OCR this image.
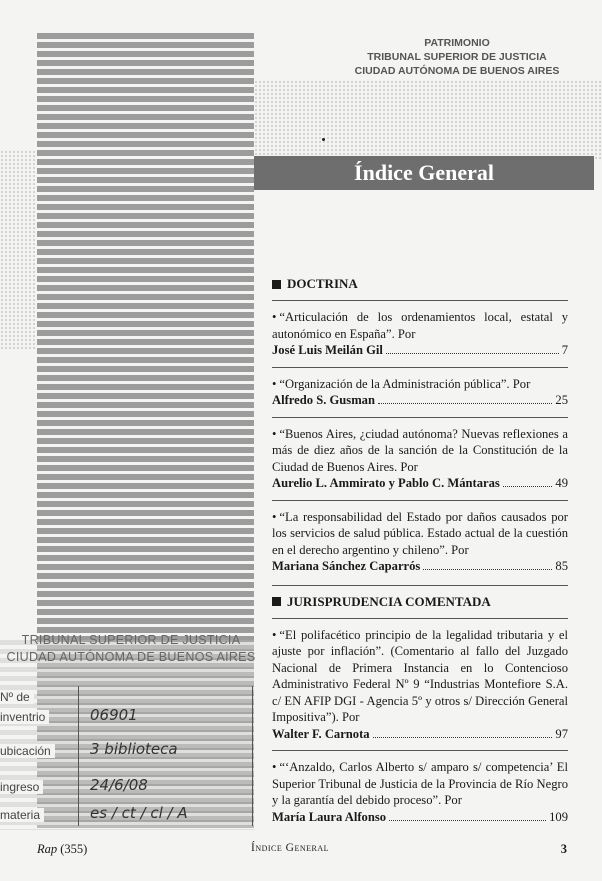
PATRIMONIO
TRIBUNAL SUPERIOR DE JUSTICIA
CIUDAD AUTÓNOMA DE BUENOS AIRES
Índice General
DOCTRINA
• “Articulación de los ordenamientos local, estatal y autonómico en España”. Por
José Luis Meilán Gil	7
• “Organización de la Administración pública”. Por
Alfredo S. Gusman	25
• “Buenos Aires, ¿ciudad autónoma? Nuevas reflexiones a más de diez años de la sanción de la Constitución de la Ciudad de Buenos Aires. Por
Aurelio L. Ammirato y Pablo C. Mántaras	49
• “La responsabilidad del Estado por daños causados por los servicios de salud pública. Estado actual de la cuestión en el derecho argentino y chileno”. Por
Mariana Sánchez Caparrós	85
JURISPRUDENCIA COMENTADA
• “El polifacético principio de la legalidad tributaria y el ajuste por inflación”. (Comentario al fallo del Juzgado Nacional de Primera Instancia en lo Contencioso Administrativo Federal Nº 9 “Industrias Montefiore S.A. c/ EN AFIP DGI - Agencia 5º y otros s/ Dirección General Impositiva”). Por
Walter F. Carnota	97
• “‘Anzaldo, Carlos Alberto s/ amparo s/ competencia’ El Superior Tribunal de Justicia de la Provincia de Río Negro y la garantía del debido proceso”. Por
María Laura Alfonso	109
TRIBUNAL SUPERIOR DE JUSTICIA
CIUDAD AUTÓNOMA DE BUENOS AIRES
Nº de
inventrio	06901
ubicación	3 biblioteca
ingreso	24/6/08
materia	es / ct / cl / A
Rap (355)	Índice General	3
